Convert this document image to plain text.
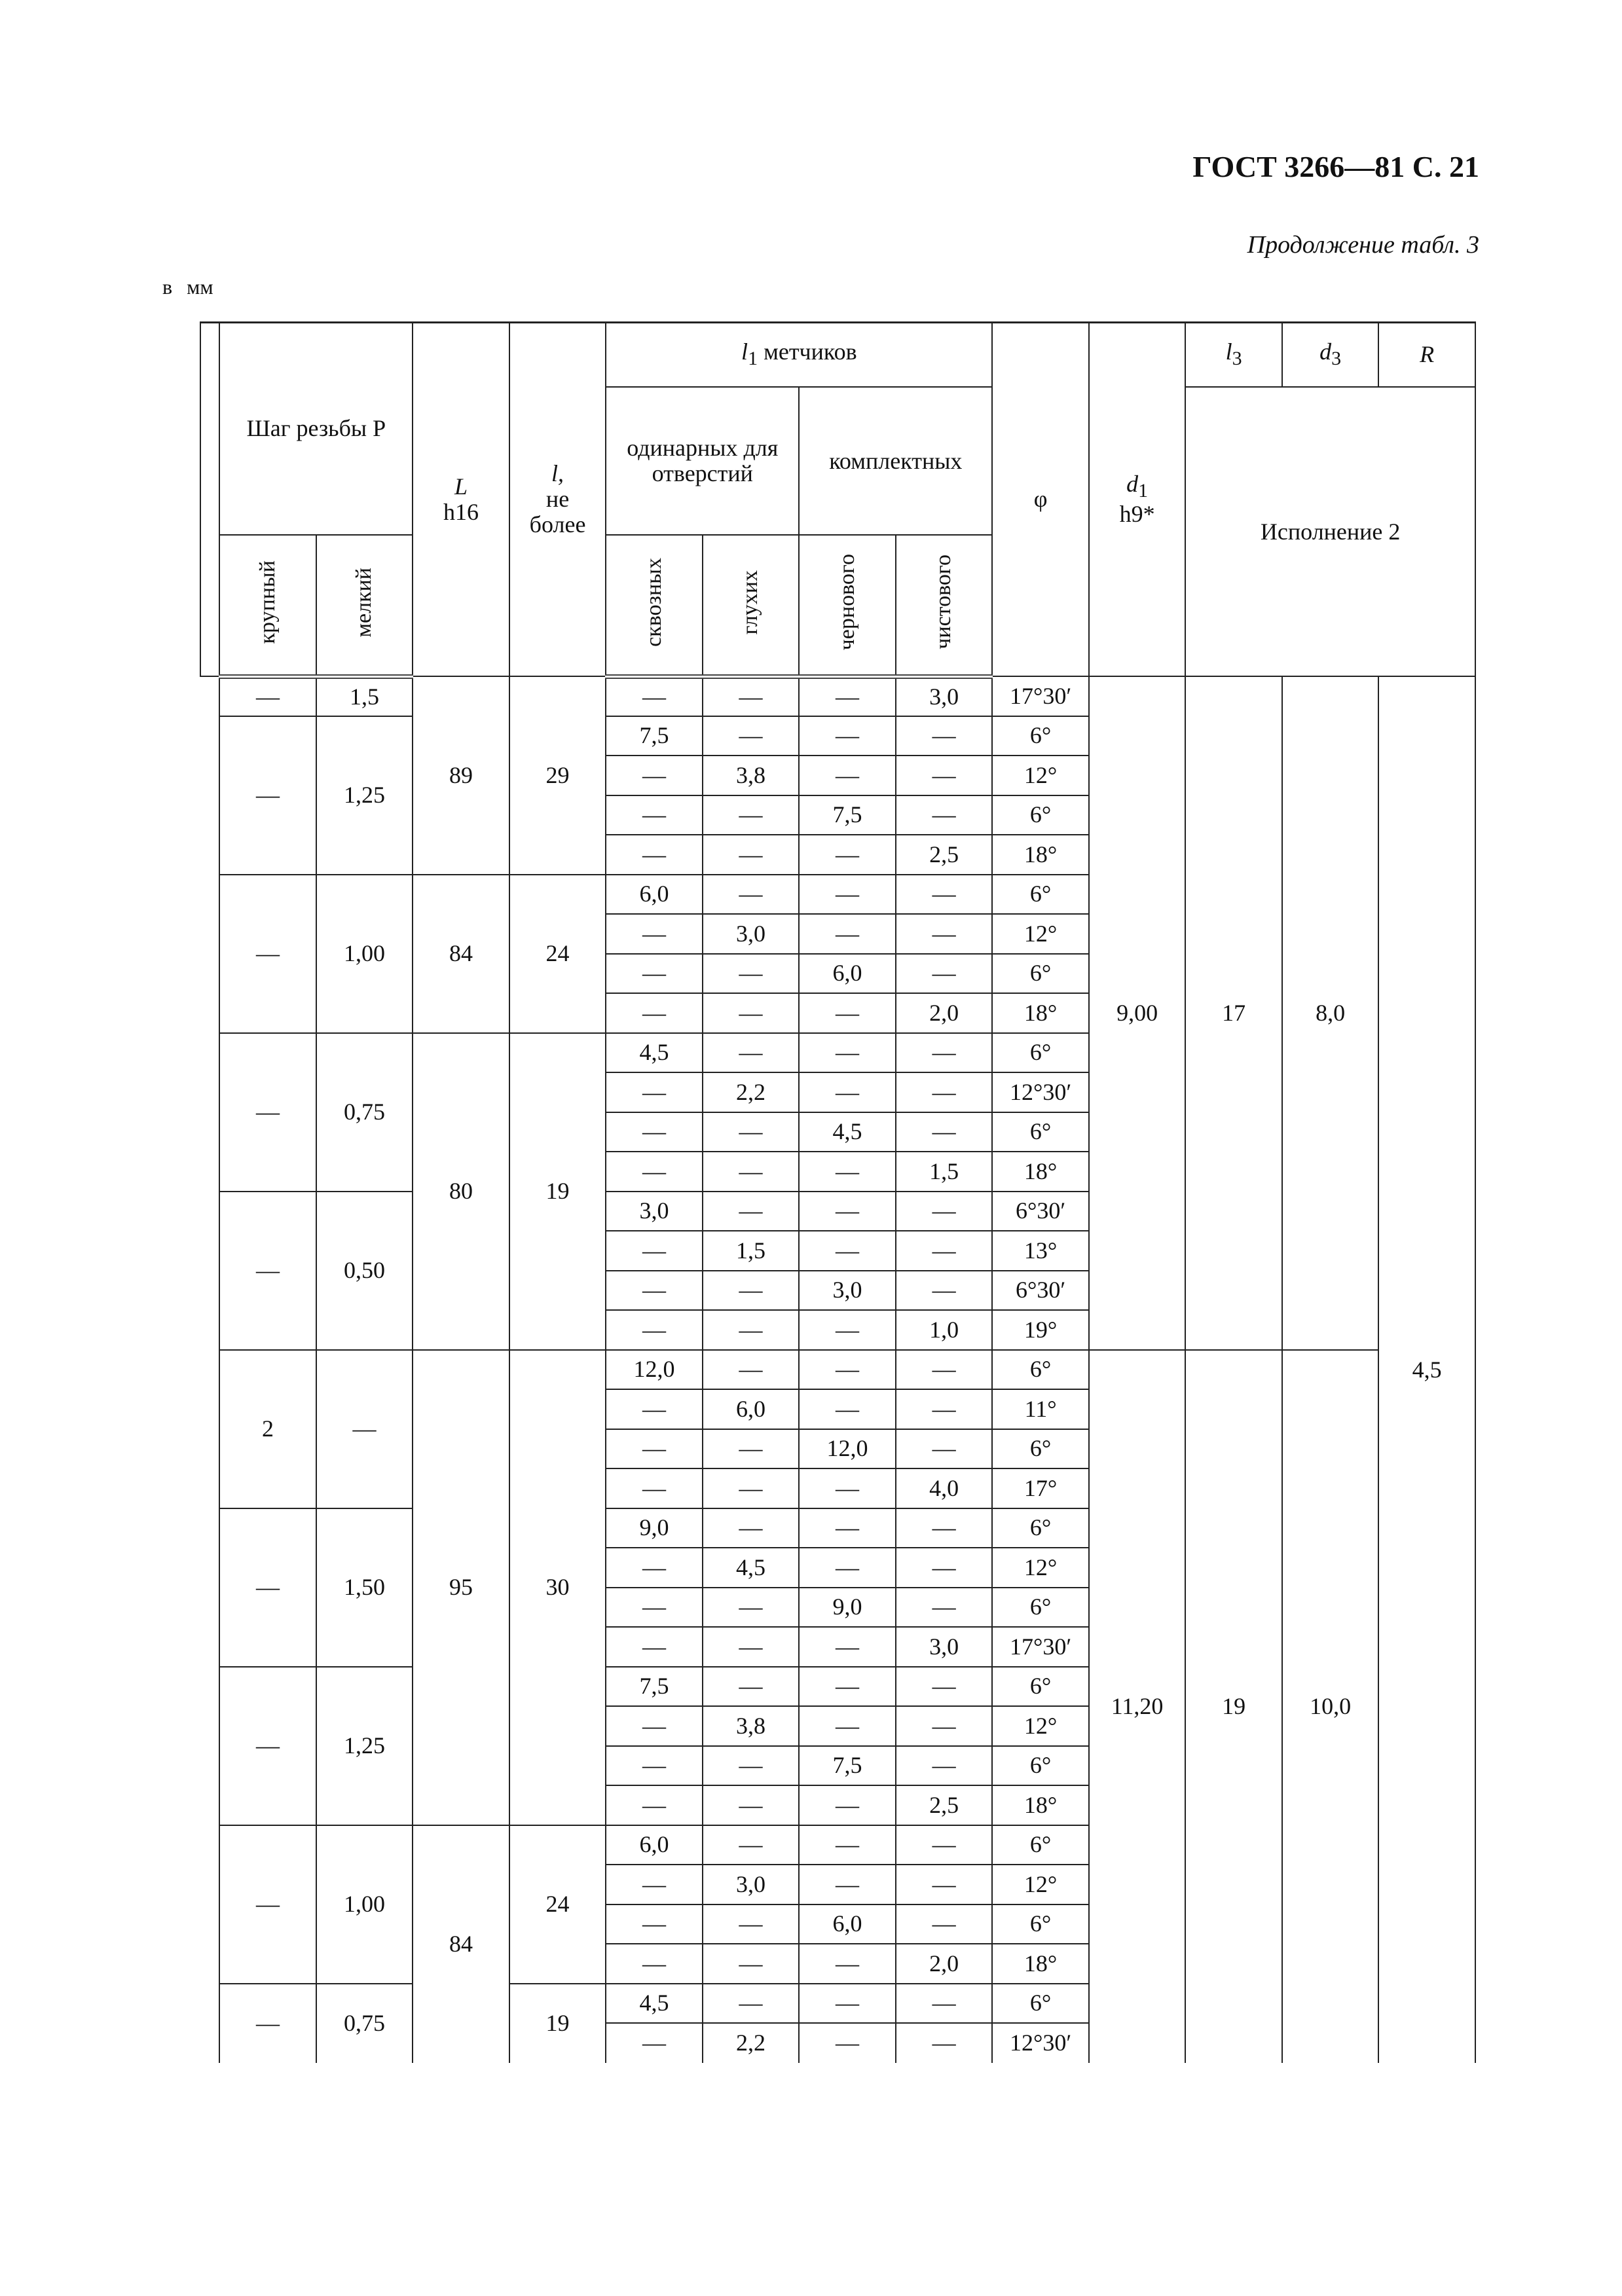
ГОСТ 3266—81 С. 21
Продолжение табл. 3
в мм
	Шаг резьбы P		L
h16	l,
не
более	$l_1$ метчиков				φ	$d_1$
h9*	$l_3$	$d_3$	R
					одинарных для отверстий		комплектных				Исполнение 2		
	крупный	мелкий			сквозных	глухих	чернового	чистового					
	—	1,5	89	29	—	—	—	3,0	17°30′	9,00	17	8,0	4,5
	—	1,25			7,5	—	—	—	6°				
					—	3,8	—	—	12°				
					—	—	7,5	—	6°				
					—	—	—	2,5	18°				
	—	1,00	84	24	6,0	—	—	—	6°				
					—	3,0	—	—	12°				
					—	—	6,0	—	6°				
					—	—	—	2,0	18°				
	—	0,75	80	19	4,5	—	—	—	6°				
					—	2,2	—	—	12°30′				
					—	—	4,5	—	6°				
					—	—	—	1,5	18°				
	—	0,50			3,0	—	—	—	6°30′				
					—	1,5	—	—	13°				
					—	—	3,0	—	6°30′				
					—	—	—	1,0	19°				
	2	—	95	30	12,0	—	—	—	6°	11,20	19	10,0	
					—	6,0	—	—	11°				
					—	—	12,0	—	6°				
					—	—	—	4,0	17°				
	—	1,50			9,0	—	—	—	6°				
					—	4,5	—	—	12°				
					—	—	9,0	—	6°				
					—	—	—	3,0	17°30′				
	—	1,25			7,5	—	—	—	6°				
					—	3,8	—	—	12°				
					—	—	7,5	—	6°				
					—	—	—	2,5	18°				
	—	1,00	84	24	6,0	—	—	—	6°				
					—	3,0	—	—	12°				
					—	—	6,0	—	6°				
					—	—	—	2,0	18°				
	—	0,75		19	4,5	—	—	—	6°				
					—	2,2	—	—	12°30′				
